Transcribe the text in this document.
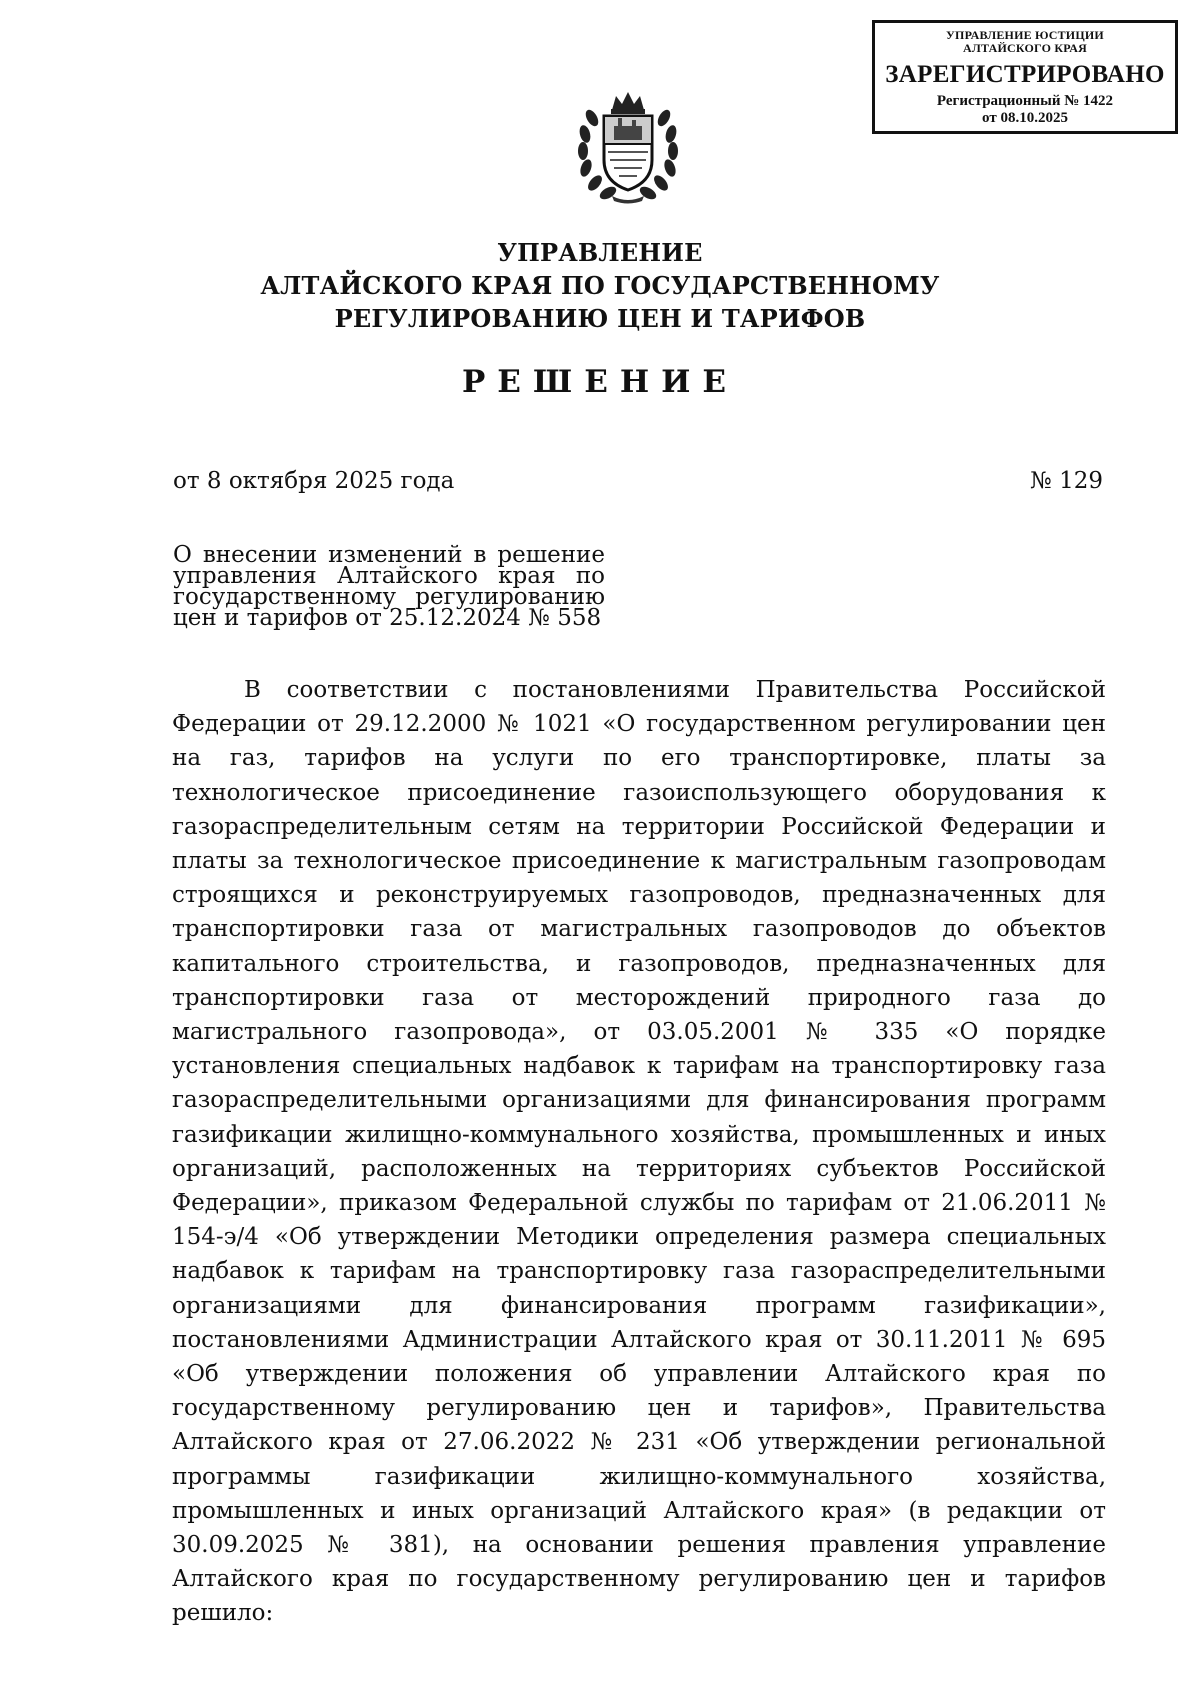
УПРАВЛЕНИЕ ЮСТИЦИИ
АЛТАЙСКОГО КРАЯ
ЗАРЕГИСТРИРОВАНО
Регистрационный № 1422
от 08.10.2025
УПРАВЛЕНИЕ
АЛТАЙСКОГО КРАЯ ПО ГОСУДАРСТВЕННОМУ
РЕГУЛИРОВАНИЮ ЦЕН И ТАРИФОВ
РЕШЕНИЕ
от 8 октября 2025 года	№ 129
О внесении изменений в решение управления Алтайского края по государственному регулированию цен и тарифов от 25.12.2024 № 558

В соответствии с постановлениями Правительства Российской Федерации от 29.12.2000 № 1021 «О государственном регулировании цен на газ, тарифов на услуги по его транспортировке, платы за технологическое присоединение газоиспользующего оборудования к газораспределительным сетям на территории Российской Федерации и платы за технологическое присоединение к магистральным газопроводам строящихся и реконструируемых газопроводов, предназначенных для транспортировки газа от магистральных газопроводов до объектов капитального строительства, и газопроводов, предназначенных для транспортировки газа от месторождений природного газа до магистрального газопровода», от 03.05.2001 № 335 «О порядке установления специальных надбавок к тарифам на транспортировку газа газораспределительными организациями для финансирования программ газификации жилищно-коммунального хозяйства, промышленных и иных организаций, расположенных на территориях субъектов Российской Федерации», приказом Федеральной службы по тарифам от 21.06.2011 № 154-э/4 «Об утверждении Методики определения размера специальных надбавок к тарифам на транспортировку газа газораспределительными организациями для финансирования программ газификации», постановлениями Администрации Алтайского края от 30.11.2011 № 695 «Об утверждении положения об управлении Алтайского края по государственному регулированию цен и тарифов», Правительства Алтайского края от 27.06.2022 № 231 «Об утверждении региональной программы газификации жилищно-коммунального хозяйства, промышленных и иных организаций Алтайского края» (в редакции от 30.09.2025 № 381), на основании решения правления управление Алтайского края по государственному регулированию цен и тарифов решило:
